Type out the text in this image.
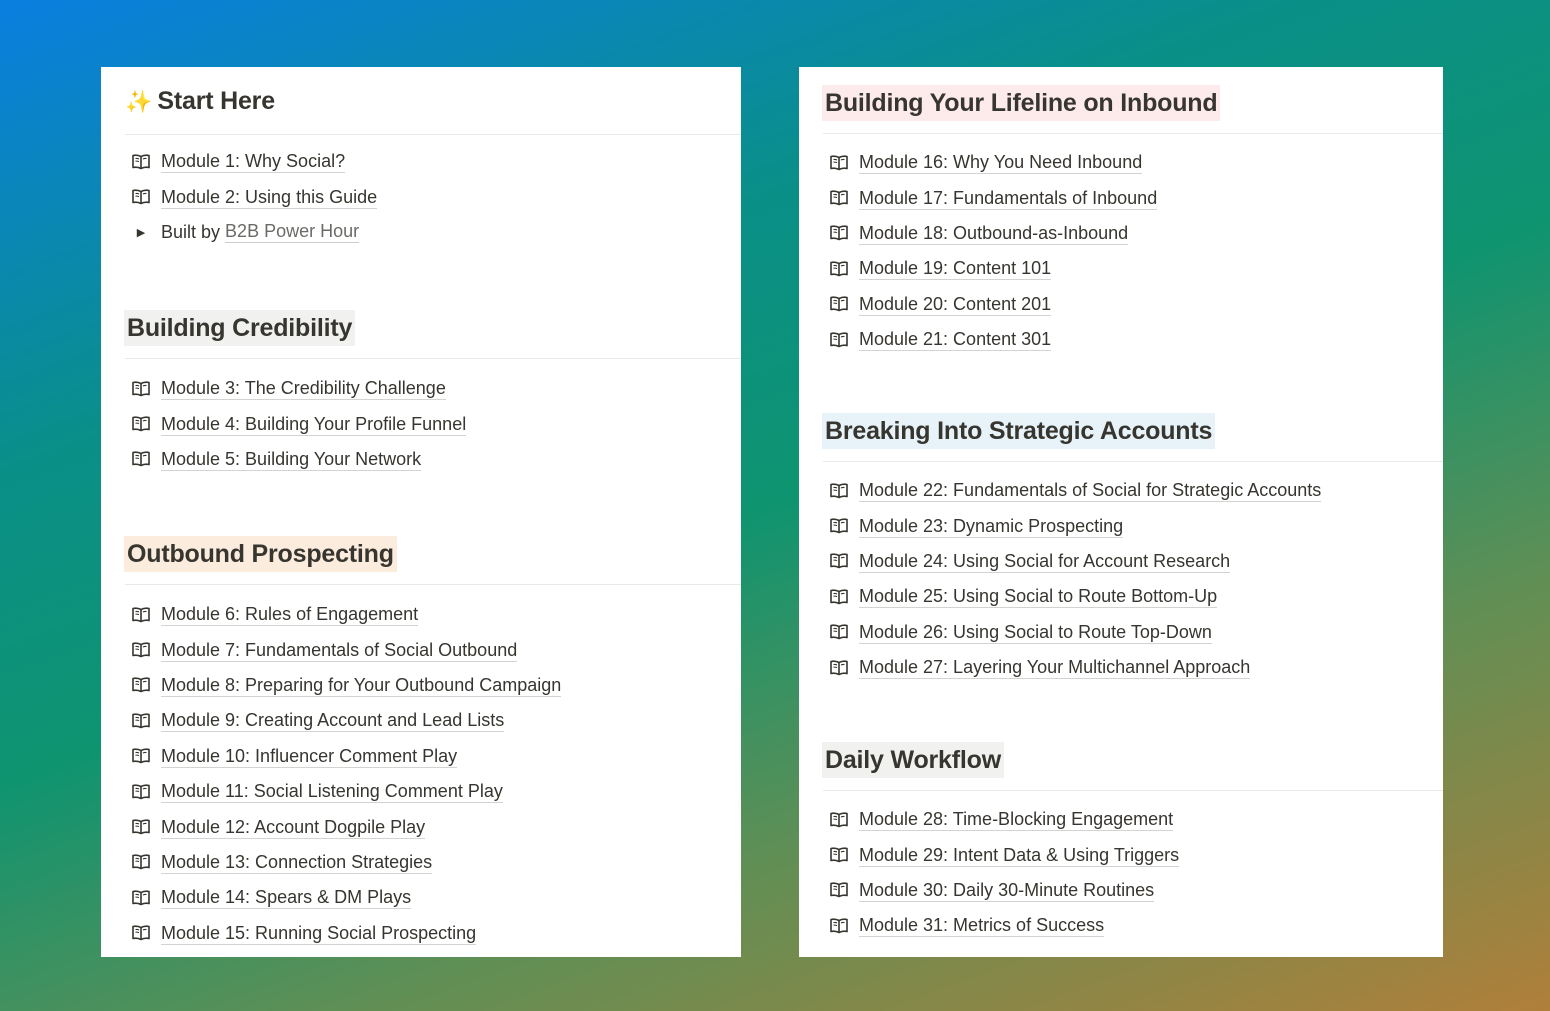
✨ Start Here
Module 1: Why Social?
Module 2: Using this Guide
▶ Built by
B2B Power Hour
Building Credibility
Module 3: The Credibility Challenge
Module 4: Building Your Profile Funnel
Module 5: Building Your Network
Outbound Prospecting
Module 6: Rules of Engagement
Module 7: Fundamentals of Social Outbound
Module 8: Preparing for Your Outbound Campaign
Module 9: Creating Account and Lead Lists
Module 10: Influencer Comment Play
Module 11: Social Listening Comment Play
Module 12: Account Dogpile Play
Module 13: Connection Strategies
Module 14: Spears & DM Plays
Module 15: Running Social Prospecting
Building Your Lifeline on Inbound
Module 16: Why You Need Inbound
Module 17: Fundamentals of Inbound
Module 18: Outbound-as-Inbound
Module 19: Content 101
Module 20: Content 201
Module 21: Content 301
Breaking Into Strategic Accounts
Module 22: Fundamentals of Social for Strategic Accounts
Module 23: Dynamic Prospecting
Module 24: Using Social for Account Research
Module 25: Using Social to Route Bottom-Up
Module 26: Using Social to Route Top-Down
Module 27: Layering Your Multichannel Approach
Daily Workflow
Module 28: Time-Blocking Engagement
Module 29: Intent Data & Using Triggers
Module 30: Daily 30-Minute Routines
Module 31: Metrics of Success
